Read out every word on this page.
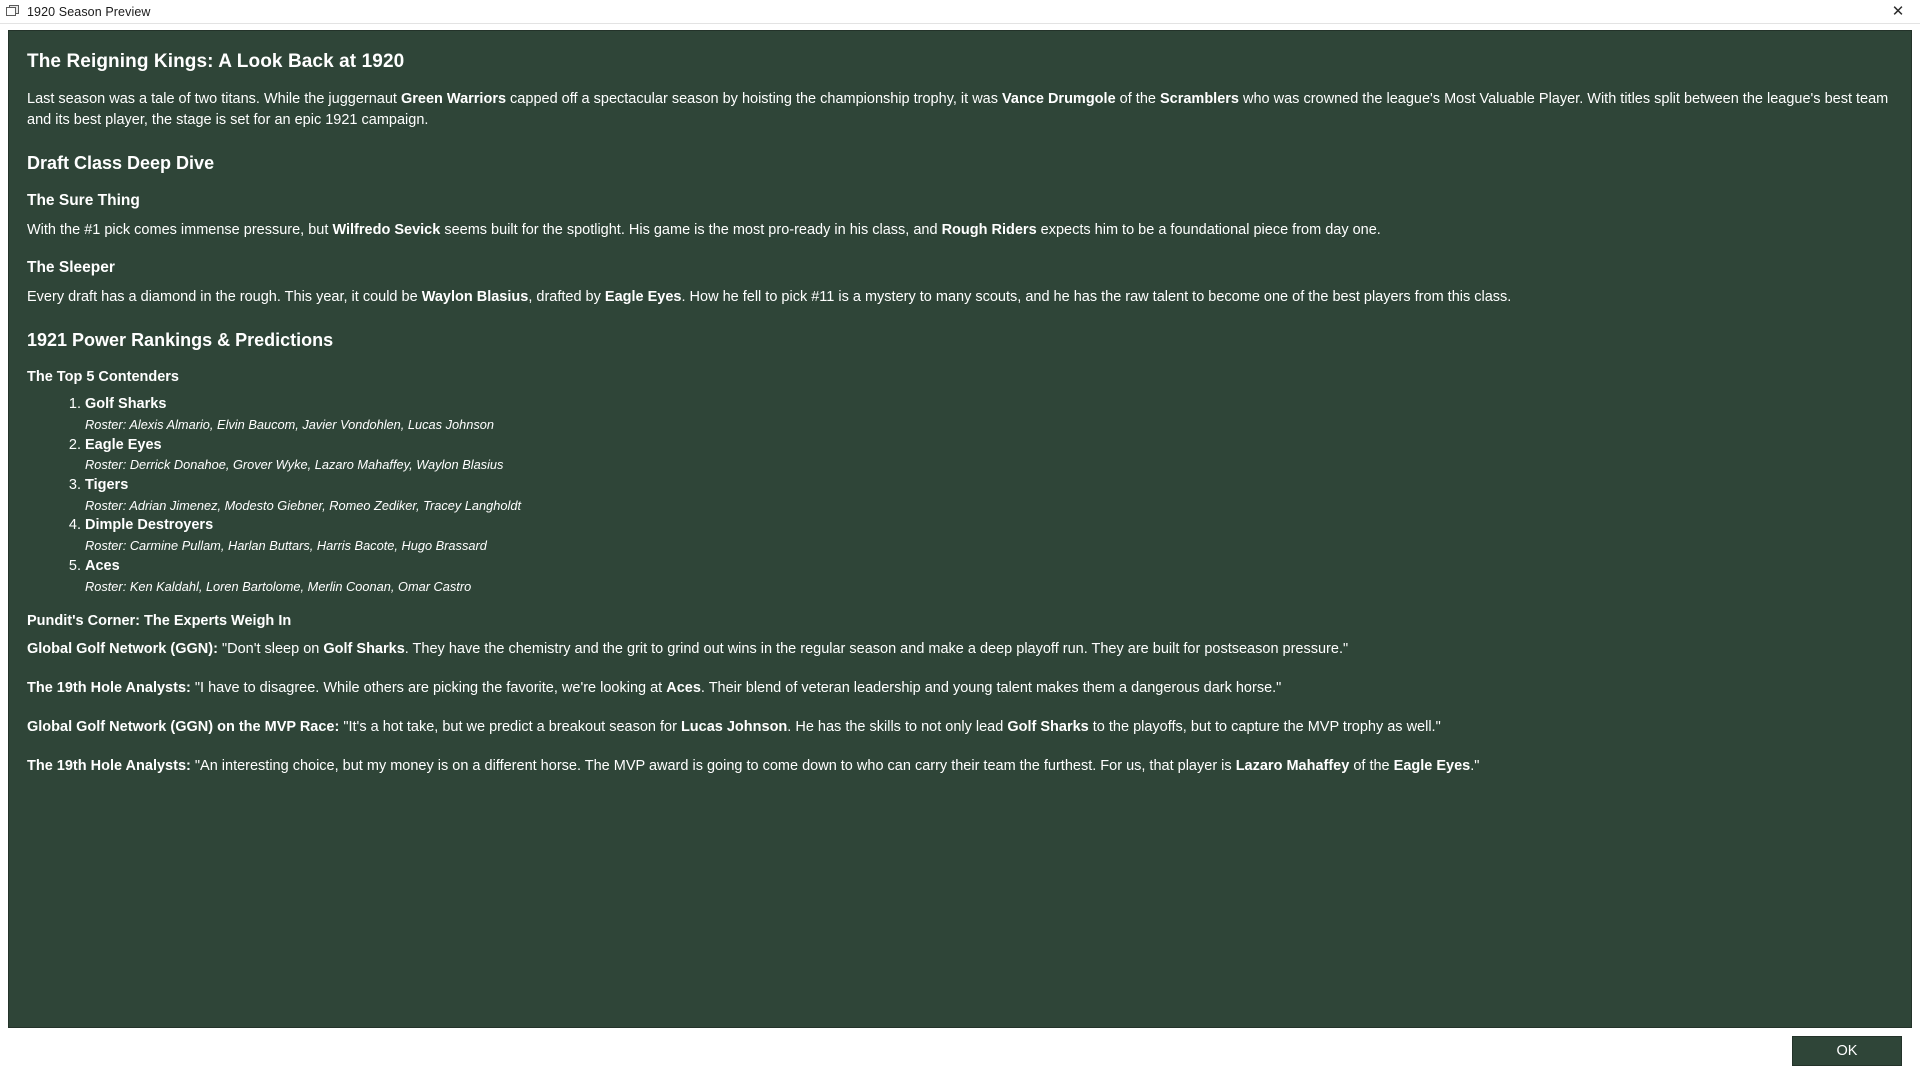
1920 Season Preview	✕
The Reigning Kings: A Look Back at 1920

Last season was a tale of two titans. While the juggernaut Green Warriors capped off a spectacular season by hoisting the championship trophy, it was Vance Drumgole of the Scramblers who was crowned the league's Most Valuable Player. With titles split between the league's best team and its best player, the stage is set for an epic 1921 campaign.

Draft Class Deep Dive
The Sure Thing

With the #1 pick comes immense pressure, but Wilfredo Sevick seems built for the spotlight. His game is the most pro-ready in his class, and Rough Riders expects him to be a foundational piece from day one.

The Sleeper

Every draft has a diamond in the rough. This year, it could be Waylon Blasius, drafted by Eagle Eyes. How he fell to pick #11 is a mystery to many scouts, and he has the raw talent to become one of the best players from this class.

1921 Power Rankings & Predictions
The Top 5 Contenders
1. Golf Sharks
Roster: Alexis Almario, Elvin Baucom, Javier Vondohlen, Lucas Johnson
2. Eagle Eyes
Roster: Derrick Donahoe, Grover Wyke, Lazaro Mahaffey, Waylon Blasius
3. Tigers
Roster: Adrian Jimenez, Modesto Giebner, Romeo Zediker, Tracey Langholdt
4. Dimple Destroyers
Roster: Carmine Pullam, Harlan Buttars, Harris Bacote, Hugo Brassard
5. Aces
Roster: Ken Kaldahl, Loren Bartolome, Merlin Coonan, Omar Castro
Pundit's Corner: The Experts Weigh In

Global Golf Network (GGN): "Don't sleep on Golf Sharks. They have the chemistry and the grit to grind out wins in the regular season and make a deep playoff run. They are built for postseason pressure."

The 19th Hole Analysts: "I have to disagree. While others are picking the favorite, we're looking at Aces. Their blend of veteran leadership and young talent makes them a dangerous dark horse."

Global Golf Network (GGN) on the MVP Race: "It's a hot take, but we predict a breakout season for Lucas Johnson. He has the skills to not only lead Golf Sharks to the playoffs, but to capture the MVP trophy as well."

The 19th Hole Analysts: "An interesting choice, but my money is on a different horse. The MVP award is going to come down to who can carry their team the furthest. For us, that player is Lazaro Mahaffey of the Eagle Eyes."

OK
